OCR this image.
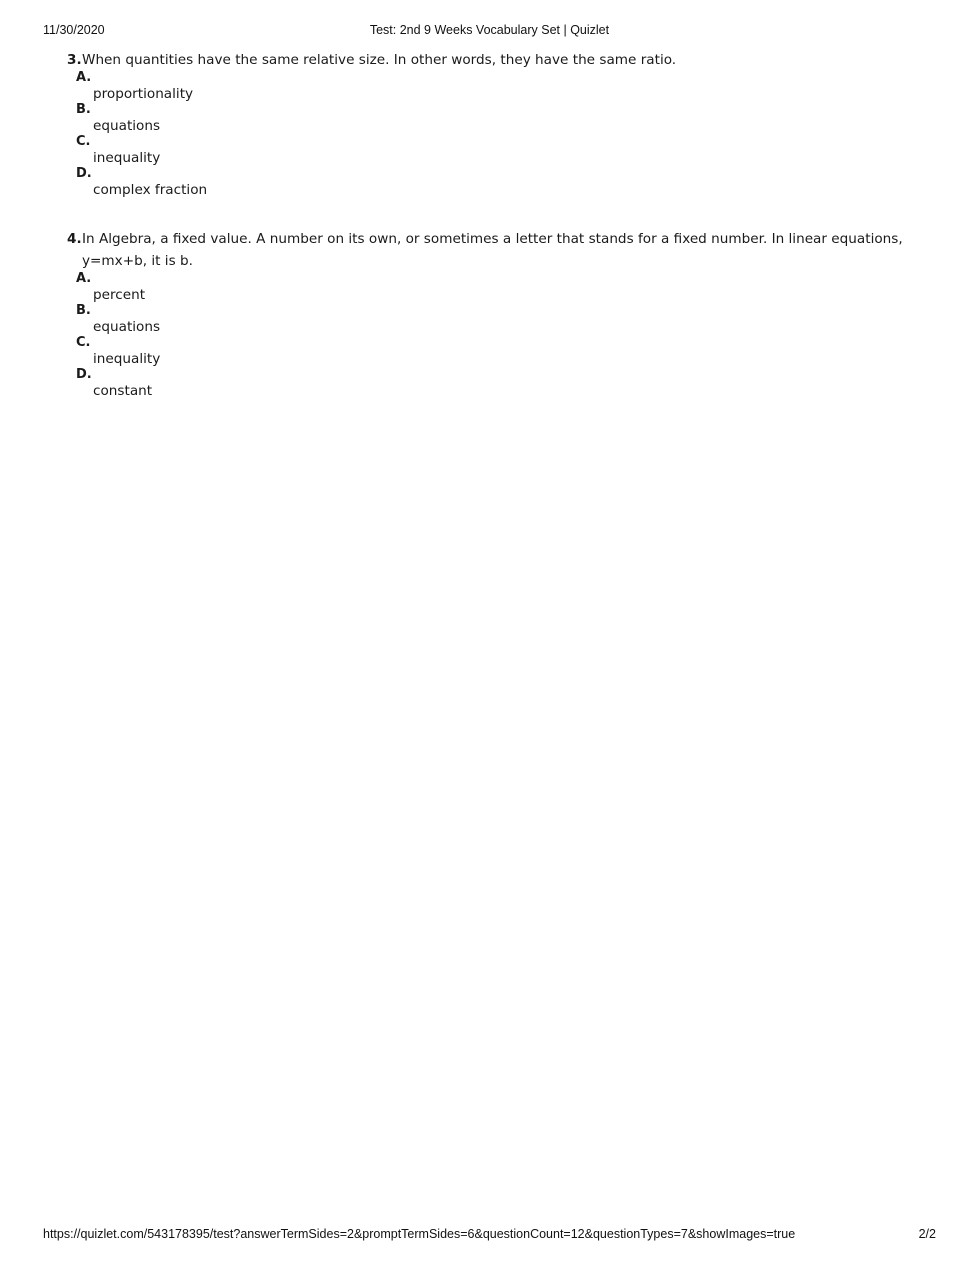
11/30/2020	Test: 2nd 9 Weeks Vocabulary Set | Quizlet
3. When quantities have the same relative size. In other words, they have the same ratio.
A.
proportionality
B.
equations
C.
inequality
D.
complex fraction
4. In Algebra, a fixed value. A number on its own, or sometimes a letter that stands for a fixed number. In linear equations, y=mx+b, it is b.
A.
percent
B.
equations
C.
inequality
D.
constant
https://quizlet.com/543178395/test?answerTermSides=2&promptTermSides=6&questionCount=12&questionTypes=7&showImages=true	2/2
